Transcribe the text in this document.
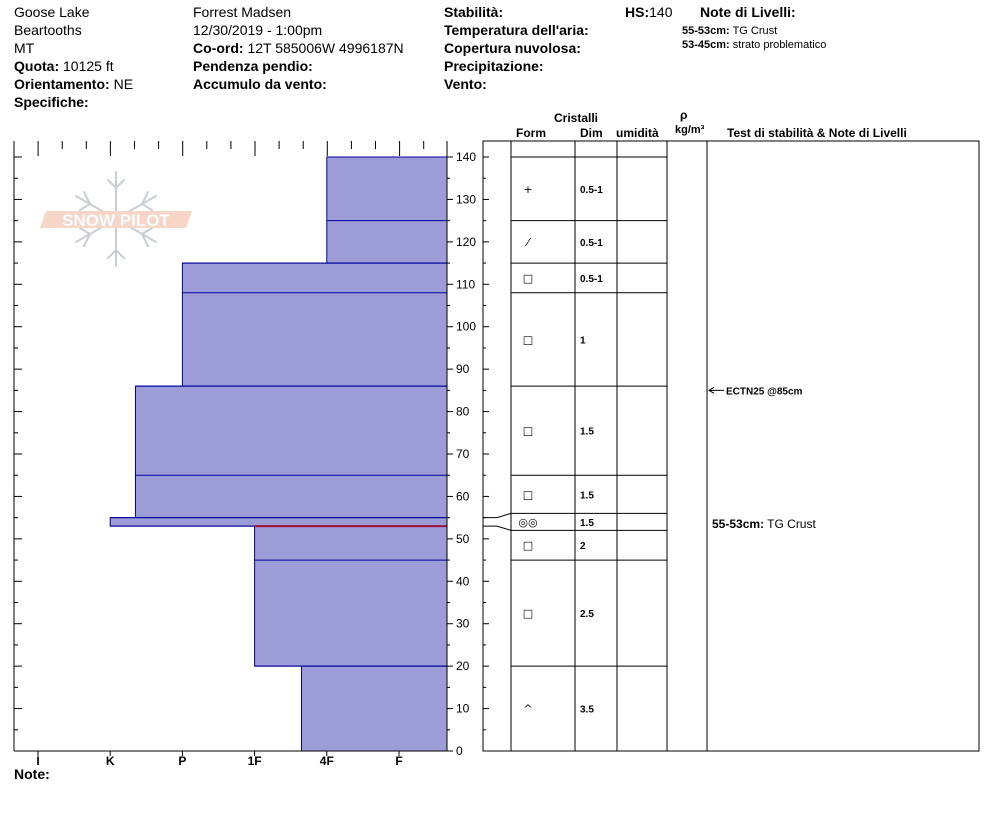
Goose Lake
Beartooths
MT
Quota: 10125 ft
Orientamento: NE
Specifiche:
Forrest Madsen
12/30/2019 - 1:00pm
Co-ord: 12T 585006W 4996187N
Pendenza pendio:
Accumulo da vento:
Stabilità:
Temperatura dell'aria:
Copertura nuvolosa:
Precipitazione:
Vento:
HS:140 Note di Livelli:
55-53cm: TG Crust
53-45cm: strato problematico
Cristalli
Form	Dim umidità
ρ
kg/m³ Test di stabilità & Note di Livelli
SNOW PILOT
0
10
20
30
40
50
60
70
80
90
100
110
120
130
140
I	K	P	1F	4F	F
+	0.5-1
⁄	0.5-1
□	0.5-1
□	1
□	1.5
□	1.5
◎◎	1.5
□	2
□	2.5
^	3.5
ECTN25 @85cm
55-53cm: TG Crust
Note:
